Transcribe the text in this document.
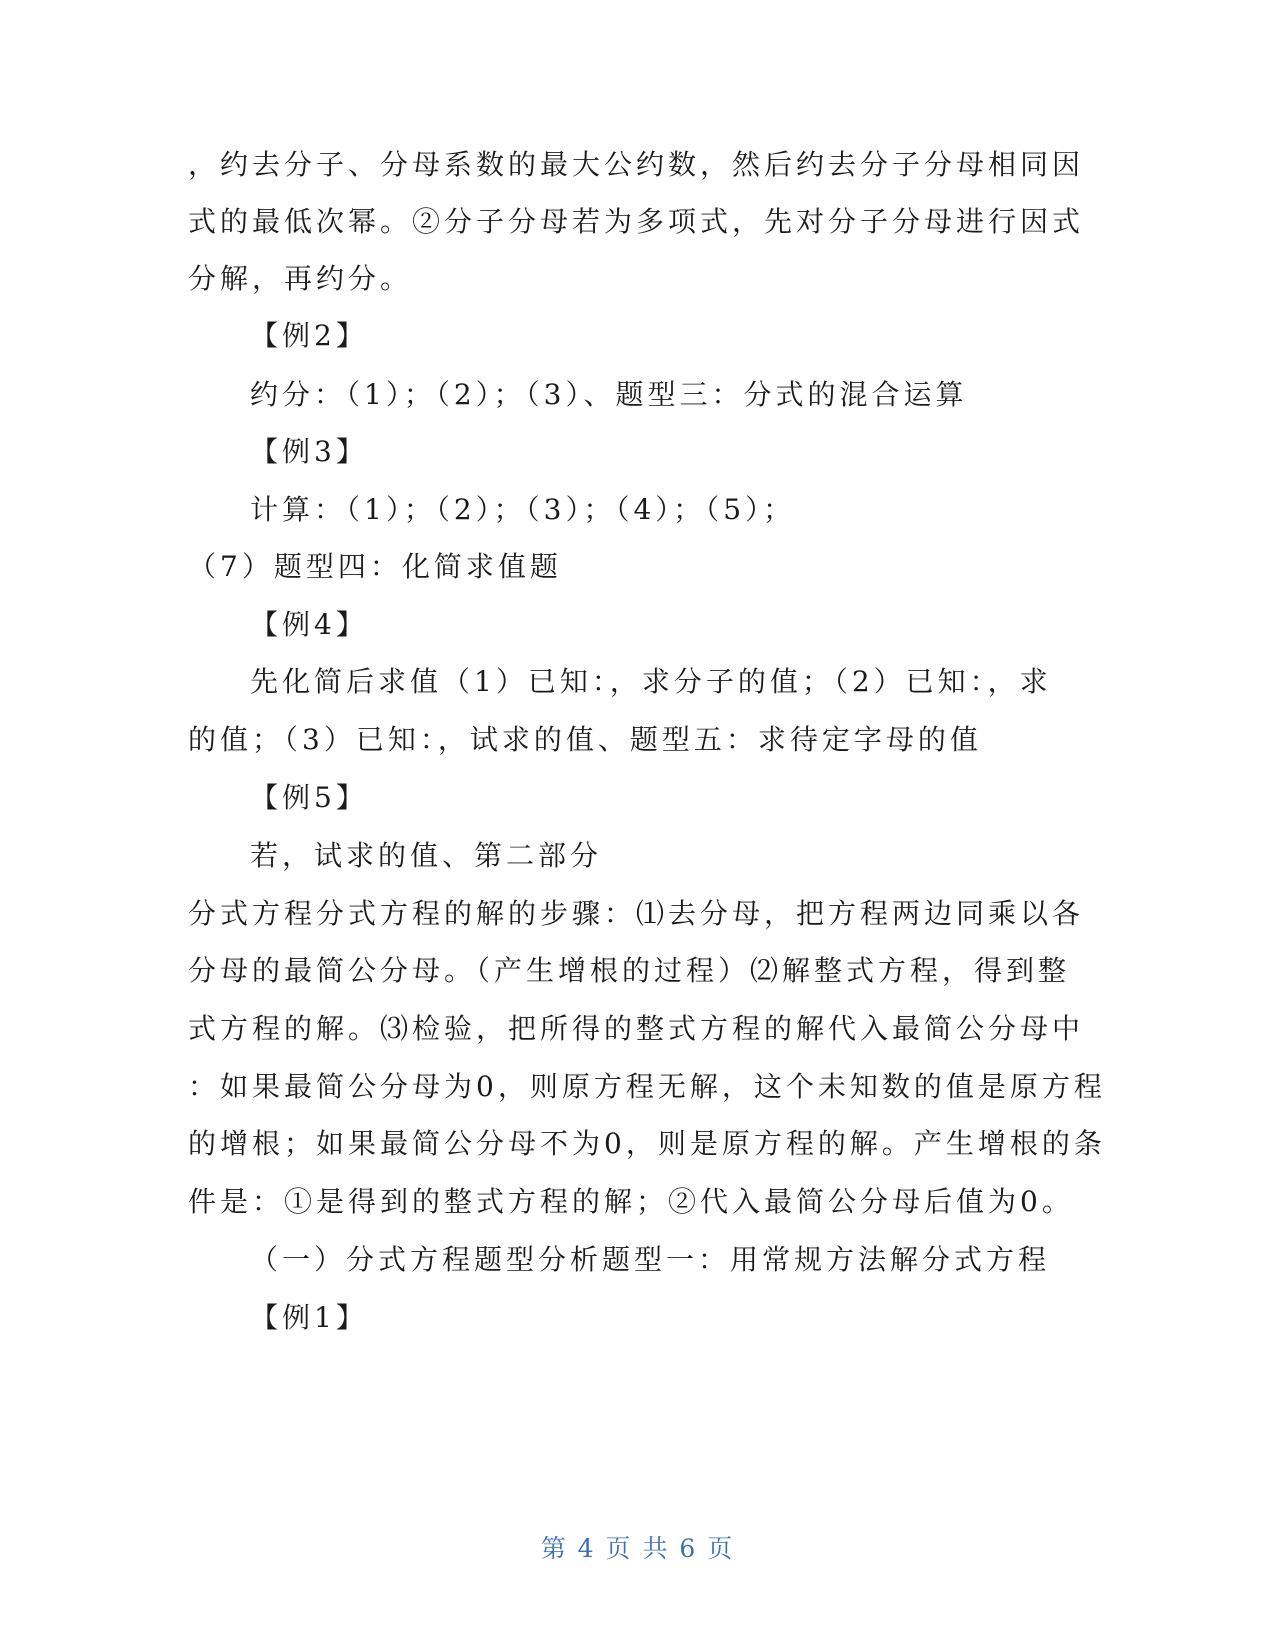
，约去分子、分母系数的最大公约数，然后约去分子分母相同因
式的最低次幂。②分子分母若为多项式，先对分子分母进行因式
分解，再约分。
【例2】
约分：（1）；（2）；（3）、题型三：分式的混合运算
【例3】
计算：（1）；（2）；（3）；（4）；（5）；
（7）题型四：化简求值题
【例4】
先化简后求值（1）已知：，求分子的值；（2）已知：，求
的值；（3）已知：，试求的值、题型五：求待定字母的值
【例5】
若，试求的值、第二部分
分式方程分式方程的解的步骤：⑴去分母，把方程两边同乘以各
分母的最简公分母。（产生增根的过程）⑵解整式方程，得到整
式方程的解。⑶检验，把所得的整式方程的解代入最简公分母中
：如果最简公分母为0，则原方程无解，这个未知数的值是原方程
的增根；如果最简公分母不为0，则是原方程的解。产生增根的条
件是：①是得到的整式方程的解；②代入最简公分母后值为0。
（一）分式方程题型分析题型一：用常规方法解分式方程
【例1】
第 4 页 共 6 页
